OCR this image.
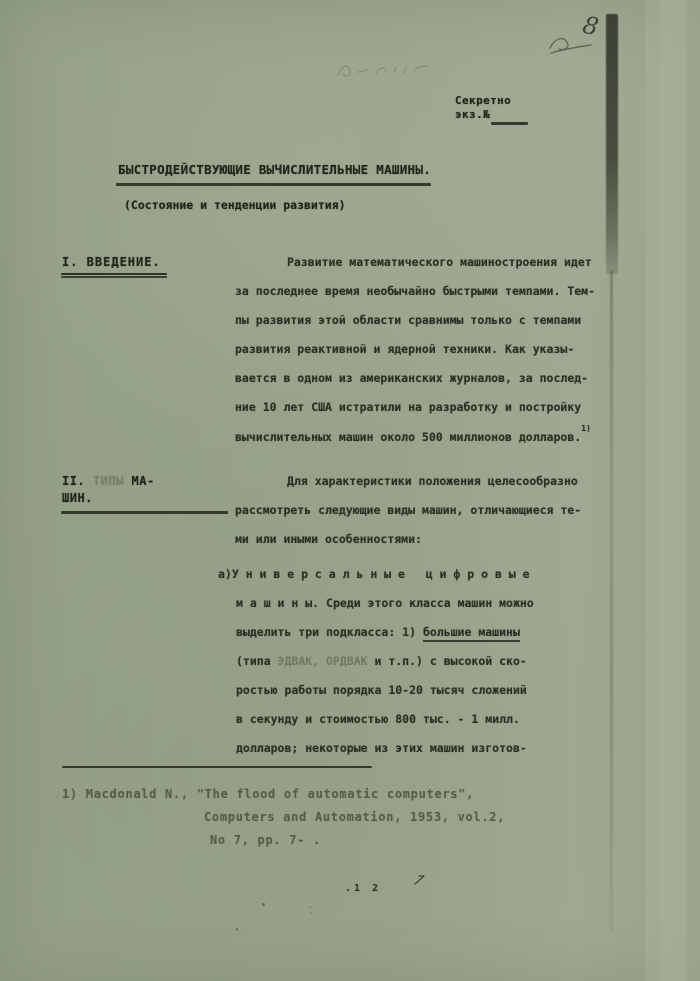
8
Секретно
экз.№
БЫСТРОДЕЙСТВУЮЩИЕ ВЫЧИСЛИТЕЛЬНЫЕ МАШИНЫ.
(Состояние и тенденции развития)
I. ВВЕДЕНИЕ.	Развитие математического машиностроения идет
за последнее время необычайно быстрыми темпами. Тем-
пы развития этой области сравнимы только с темпами
развития реактивной и ядерной техники. Как указы-
вается в одном из американских журналов, за послед-
ние 10 лет США истратили на разработку и постройку
вычислительных машин около 500 миллионов долларов.$^{1)}$
II. ТИПЫ МА-
ШИН.
Для характеристики положения целесообразно
рассмотреть следующие виды машин, отличающиеся те-
ми или иными особенностями:
а)У н и в е р с а л ь н ы е   ц и ф р о в ы е
м а ш и н ы. Среди этого класса машин можно
выделить три подкласса: 1) большие машины
(типа ЭДВАК, ОРДВАК и т.п.) с высокой ско-
ростью работы порядка 10-20 тысяч сложений
в секунду и стоимостью 800 тыс. - 1 милл.
долларов; некоторые из этих машин изготов-
1) Macdonald N., "The flood of automatic computers",
Computers and Automation, 1953, vol.2,
No 7, pp. 7- .
.1 2
